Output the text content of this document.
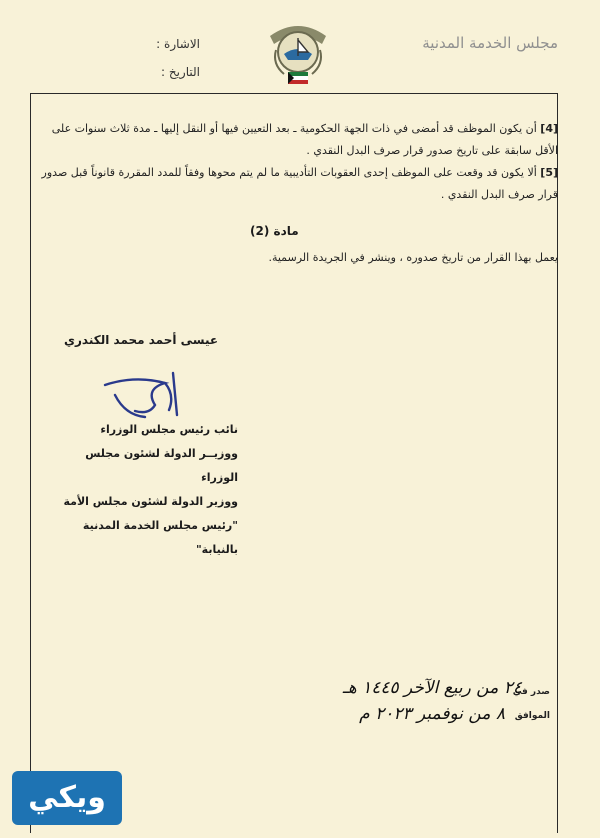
مجلس الخدمة المدنية
الاشارة :
التاريخ :
[4] أن يكون الموظف قد أمضى في ذات الجهة الحكومية ـ بعد التعيين فيها أو النقل إليها ـ مدة ثلاث سنوات على الأقل سابقة على تاريخ صدور قرار صرف البدل النقدي .
[5] ألا يكون قد وقعت على الموظف إحدى العقوبات التأديبية ما لم يتم محوها وفقاً للمدد المقررة قانوناً قبل صدور قرار صرف البدل النقدي .
مادة (2)
يعمل بهذا القرار من تاريخ صدوره ، وينشر في الجريدة الرسمية.
عيسى أحمد محمد الكندري
نائب رئيس مجلس الوزراء
ووزيــر الدولة لشئون مجلس الوزراء
ووزير الدولة لشئون مجلس الأمة
"رئيس مجلس الخدمة المدنية بالنيابة"
صدر في
٢٤ من ربيع الآخر ١٤٤٥ هـ
الموافق
٨ من نوفمبر ٢٠٢٣ م
ويكي
